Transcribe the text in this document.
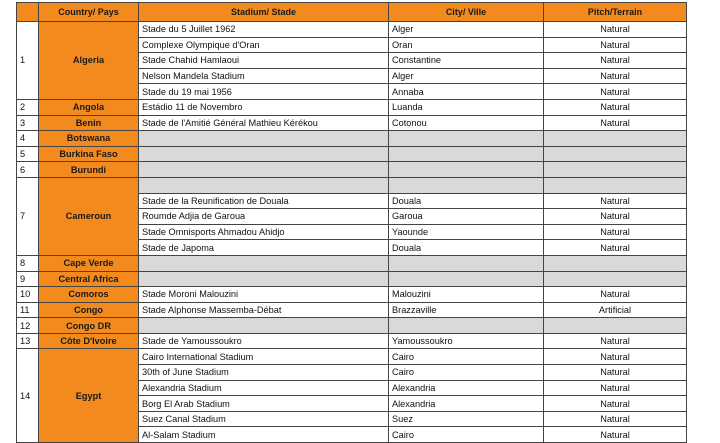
	Country/ Pays	Stadium/ Stade	City/ Ville	Pitch/Terrain
1	Algeria	Stade du 5 Juillet 1962	Alger	Natural
		Complexe Olympique d'Oran	Oran	Natural
		Stade Chahid Hamlaoui	Constantine	Natural
		Nelson Mandela Stadium	Alger	Natural
		Stade du 19 mai 1956	Annaba	Natural
2	Angola	Estádio 11 de Novembro	Luanda	Natural
3	Benin	Stade de l'Amitié Général Mathieu Kérékou	Cotonou	Natural
4	Botswana			
5	Burkina Faso			
6	Burundi			
7	Cameroun			
		Stade de la Reunification de Douala	Douala	Natural
		Roumde Adjia de Garoua	Garoua	Natural
		Stade Omnisports Ahmadou Ahidjo	Yaounde	Natural
		Stade de Japoma	Douala	Natural
8	Cape Verde			
9	Central Africa			
10	Comoros	Stade Moroni Malouzini	Malouzini	Natural
11	Congo	Stade Alphonse Massemba-Débat	Brazzaville	Artificial
12	Congo DR			
13	Côte D'Ivoire	Stade de Yamoussoukro	Yamoussoukro	Natural
14	Egypt	Cairo International Stadium	Cairo	Natural
		30th of June Stadium	Cairo	Natural
		Alexandria Stadium	Alexandria	Natural
		Borg El Arab Stadium	Alexandria	Natural
		Suez Canal Stadium	Suez	Natural
		Al-Salam Stadium	Cairo	Natural
